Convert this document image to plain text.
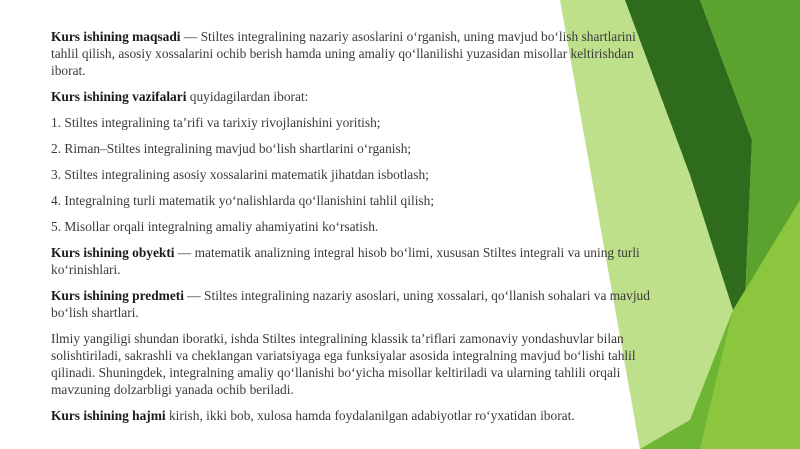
Kurs ishining maqsadi — Stiltes integralining nazariy asoslarini o‘rganish, uning mavjud bo‘lish shartlarini tahlil qilish, asosiy xossalarini ochib berish hamda uning amaliy qo‘llanilishi yuzasidan misollar keltirishdan iborat.
Kurs ishining vazifalari quyidagilardan iborat:
1. Stiltes integralining ta’rifi va tarixiy rivojlanishini yoritish;
2. Riman–Stiltes integralining mavjud bo‘lish shartlarini o‘rganish;
3. Stiltes integralining asosiy xossalarini matematik jihatdan isbotlash;
4. Integralning turli matematik yo‘nalishlarda qo‘llanishini tahlil qilish;
5. Misollar orqali integralning amaliy ahamiyatini ko‘rsatish.
Kurs ishining obyekti — matematik analizning integral hisob bo‘limi, xususan Stiltes integrali va uning turli ko‘rinishlari.
Kurs ishining predmeti — Stiltes integralining nazariy asoslari, uning xossalari, qo‘llanish sohalari va mavjud bo‘lish shartlari.
Ilmiy yangiligi shundan iboratki, ishda Stiltes integralining klassik ta’riflari zamonaviy yondashuvlar bilan solishtiriladi, sakrashli va cheklangan variatsiyaga ega funksiyalar asosida integralning mavjud bo‘lishi tahlil qilinadi. Shuningdek, integralning amaliy qo‘llanishi bo‘yicha misollar keltiriladi va ularning tahlili orqali mavzuning dolzarbligi yanada ochib beriladi.
Kurs ishining hajmi kirish, ikki bob, xulosa hamda foydalanilgan adabiyotlar ro‘yxatidan iborat.
